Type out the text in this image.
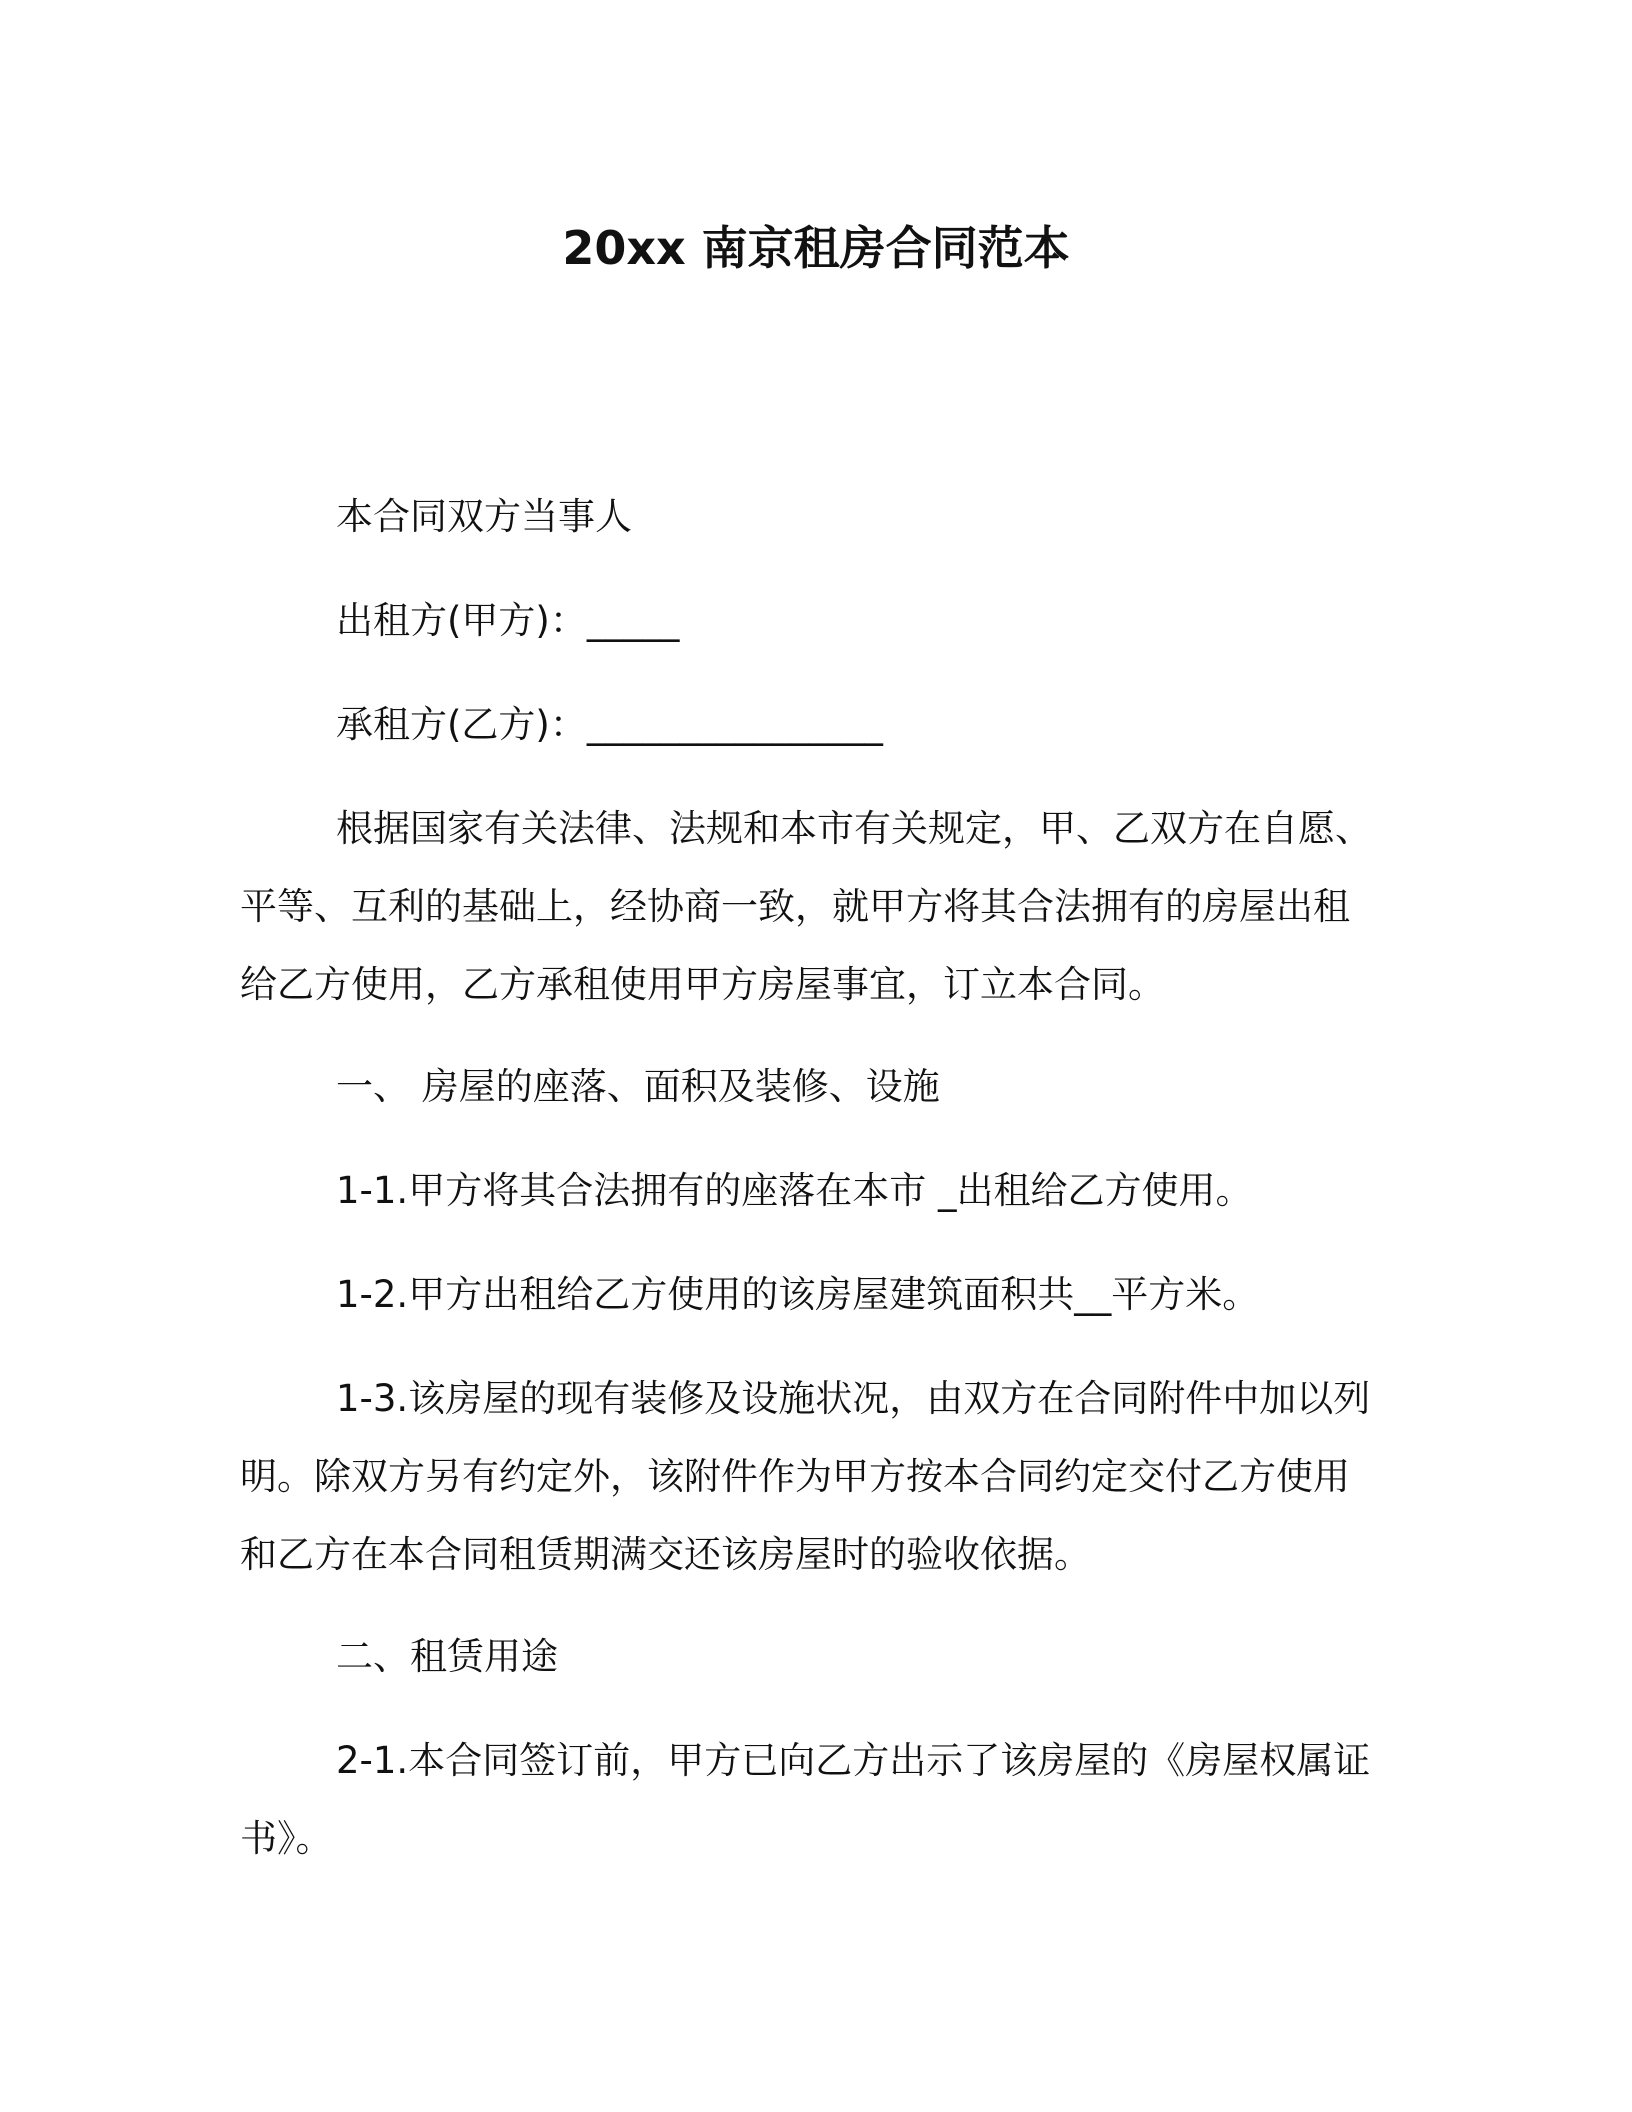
20xx 南京租房合同范本

本合同双方当事人

出租方(甲方)：_____

承租方(乙方)：________________

根据国家有关法律、法规和本市有关规定，甲、乙双方在自愿、
平等、互利的基础上，经协商一致，就甲方将其合法拥有的房屋出租
给乙方使用，乙方承租使用甲方房屋事宜，订立本合同。

一、 房屋的座落、面积及装修、设施

1-1.甲方将其合法拥有的座落在本市 _出租给乙方使用。

1-2.甲方出租给乙方使用的该房屋建筑面积共__平方米。

1-3.该房屋的现有装修及设施状况，由双方在合同附件中加以列
明。除双方另有约定外，该附件作为甲方按本合同约定交付乙方使用
和乙方在本合同租赁期满交还该房屋时的验收依据。

二、租赁用途

2-1.本合同签订前，甲方已向乙方出示了该房屋的《房屋权属证
书》。
